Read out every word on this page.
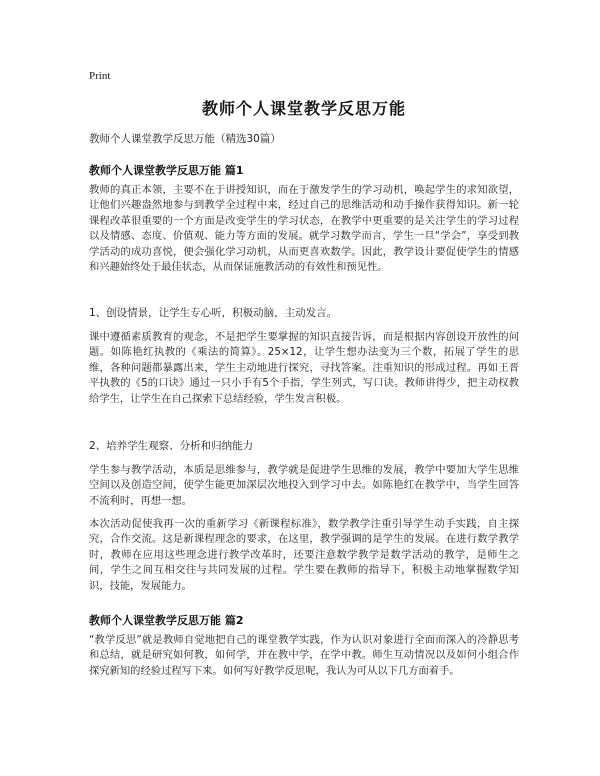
Print
教师个人课堂教学反思万能
教师个人课堂教学反思万能（精选30篇）
教师个人课堂教学反思万能 篇1
教师的真正本领，主要不在于讲授知识，而在于激发学生的学习动机，唤起学生的求知欲望，让他们兴趣盎然地参与到教学全过程中来，经过自己的思维活动和动手操作获得知识。新一轮课程改革很重要的一个方面是改变学生的学习状态，在教学中更重要的是关注学生的学习过程以及情感、态度、价值观、能力等方面的发展。就学习数学而言，学生一旦“学会”，享受到教学活动的成功喜悦，便会强化学习动机，从而更喜欢数学。因此，教学设计要促使学生的情感和兴趣始终处于最佳状态，从而保证施教活动的有效性和预见性。
1、创设情景，让学生专心听，积极动脑，主动发言。
课中遵循素质教育的观念，不是把学生要掌握的知识直接告诉，而是根据内容创设开放性的问题。如陈艳红执教的《乘法的简算》。25×12，让学生想办法变为三个数，拓展了学生的思维，各种问题都暴露出来，学生主动地进行探究，寻找答案。注重知识的形成过程。再如王晋平执教的《5的口诀》通过一只小手有5个手指，学生列式，写口诀。教师讲得少，把主动权教给学生，让学生在自己探索下总结经验，学生发言积极。
2、培养学生观察、分析和归纳能力
学生参与教学活动，本质是思维参与，教学就是促进学生思维的发展，教学中要加大学生思维空间以及创造空间，使学生能更加深层次地投入到学习中去。如陈艳红在教学中，当学生回答不流利时，再想一想。
本次活动促使我再一次的重新学习《新课程标准》，数学教学注重引导学生动手实践，自主探究，合作交流。这是新课程理念的要求，在这里，教学强调的是学生的发展。在进行数学教学时，教师在应用这些理念进行教学改革时，还要注意数学教学是数学活动的教学，是师生之间，学生之间互相交往与共同发展的过程。学生要在教师的指导下，积极主动地掌握数学知识，技能，发展能力。
教师个人课堂教学反思万能 篇2
“教学反思”就是教师自觉地把自己的课堂教学实践，作为认识对象进行全面而深入的冷静思考和总结，就是研究如何教，如何学，并在教中学，在学中教。师生互动情况以及如何小组合作探究新知的经验过程写下来。如何写好教学反思呢，我认为可从以下几方面着手。
